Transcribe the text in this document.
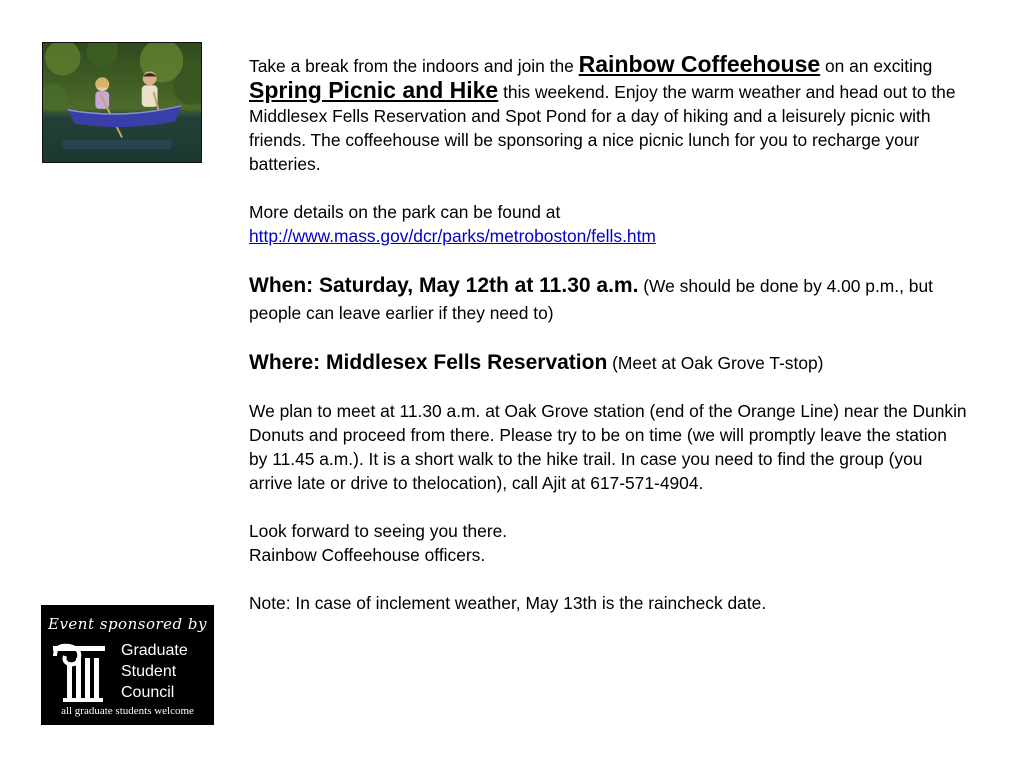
Take a break from the indoors and join the Rainbow Coffeehouse on an exciting Spring Picnic and Hike this weekend. Enjoy the warm weather and head out to the Middlesex Fells Reservation and Spot Pond for a day of hiking and a leisurely picnic with friends. The coffeehouse will be sponsoring a nice picnic lunch for you to recharge your batteries.

More details on the park can be found at
http://www.mass.gov/dcr/parks/metroboston/fells.htm

When: Saturday, May 12th at 11.30 a.m. (We should be done by 4.00 p.m., but people can leave earlier if they need to)

Where: Middlesex Fells Reservation (Meet at Oak Grove T-stop)

We plan to meet at 11.30 a.m. at Oak Grove station (end of the Orange Line) near the Dunkin Donuts and proceed from there. Please try to be on time (we will promptly leave the station by 11.45 a.m.). It is a short walk to the hike trail. In case you need to find the group (you arrive late or drive to thelocation), call Ajit at 617-571-4904.

Look forward to seeing you there.
Rainbow Coffeehouse officers.

Note: In case of inclement weather, May 13th is the raincheck date.

Event sponsored by
Graduate
Student
Council
all graduate students welcome
